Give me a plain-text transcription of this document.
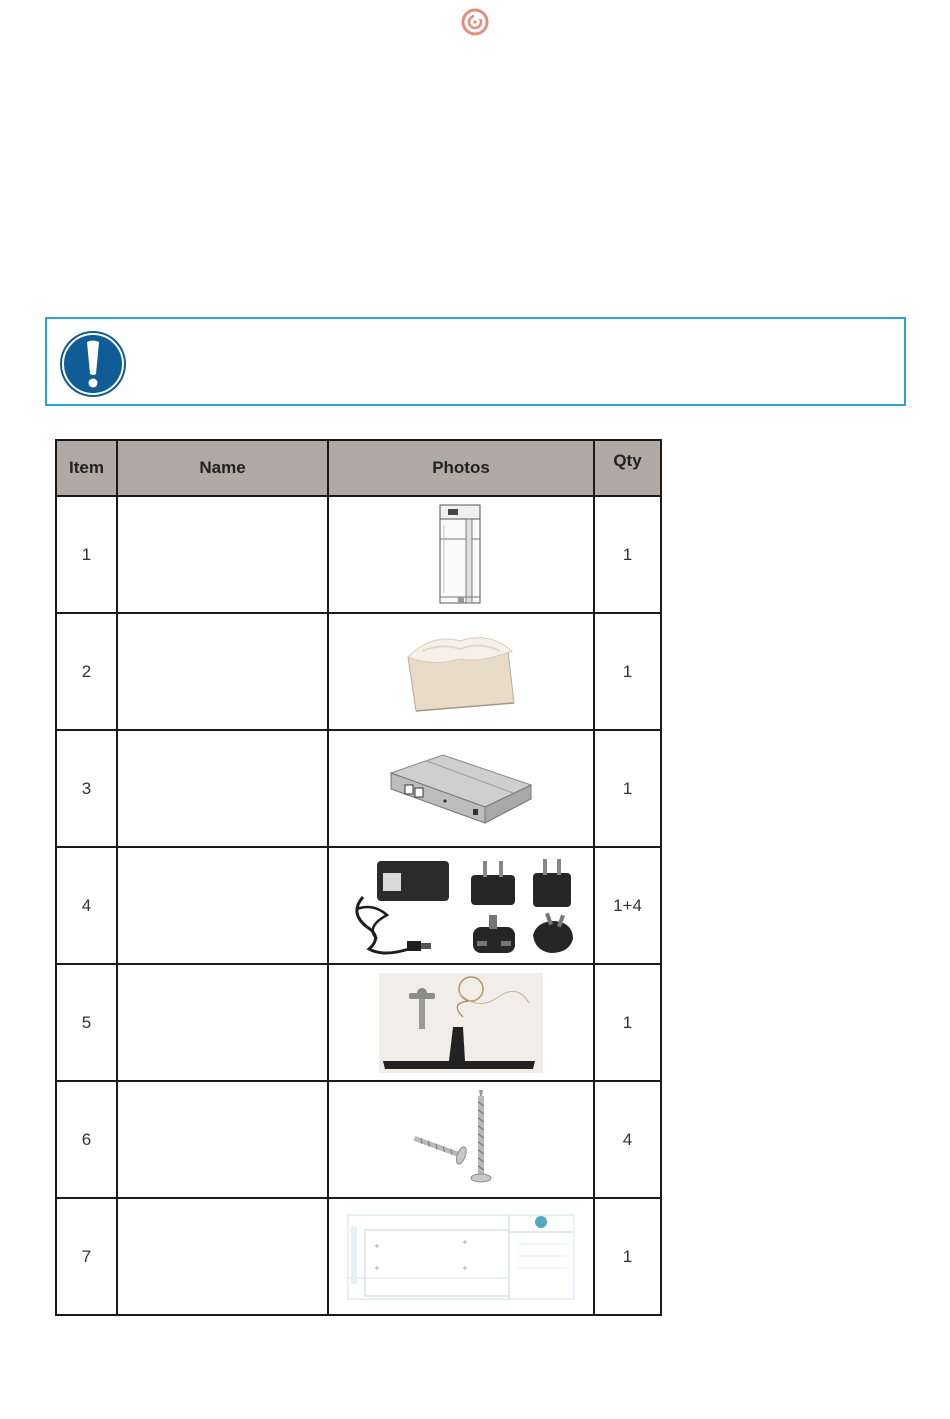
Item	Name	Photos	Qty
1			1
2			1
3			1
4			1+4
5			1
6			4
7			1
